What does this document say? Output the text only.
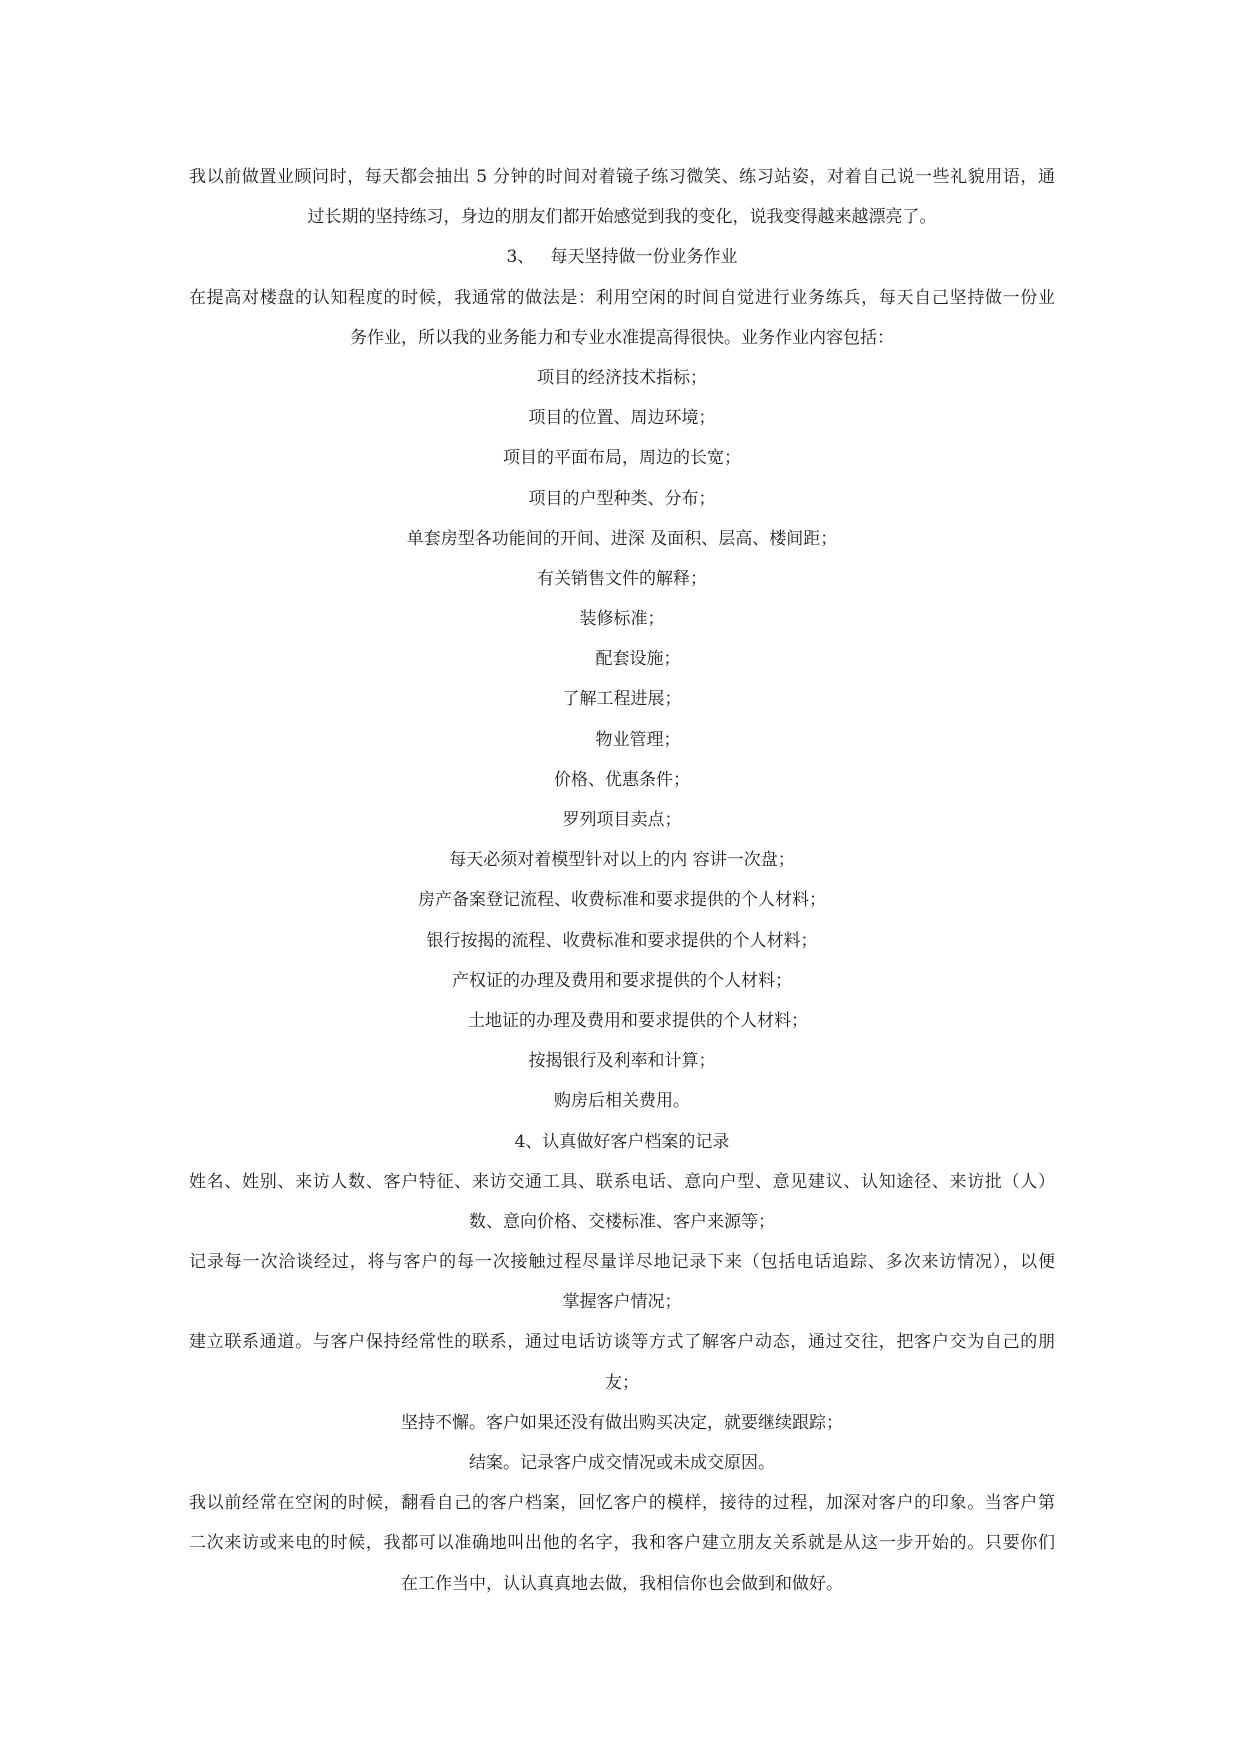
我以前做置业顾问时，每天都会抽出 5 分钟的时间对着镜子练习微笑、练习站姿，对着自己说一些礼貌用语，通
过长期的坚持练习，身边的朋友们都开始感觉到我的变化，说我变得越来越漂亮了。
3、   每天坚持做一份业务作业
在提高对楼盘的认知程度的时候，我通常的做法是：利用空闲的时间自觉进行业务练兵，每天自己坚持做一份业
务作业，所以我的业务能力和专业水准提高得很快。业务作业内容包括：
项目的经济技术指标；
项目的位置、周边环境；
项目的平面布局，周边的长宽；
项目的户型种类、分布；
单套房型各功能间的开间、进深 及面积、层高、楼间距；
有关销售文件的解释；
装修标准；
配套设施；
了解工程进展；
物业管理；
价格、优惠条件；
罗列项目卖点；
每天必须对着模型针对以上的内 容讲一次盘；
房产备案登记流程、收费标准和要求提供的个人材料；
银行按揭的流程、收费标准和要求提供的个人材料；
产权证的办理及费用和要求提供的个人材料；
土地证的办理及费用和要求提供的个人材料；
按揭银行及利率和计算；
购房后相关费用。
4、认真做好客户档案的记录
姓名、姓别、来访人数、客户特征、来访交通工具、联系电话、意向户型、意见建议、认知途径、来访批（人）
数、意向价格、交楼标准、客户来源等；
记录每一次洽谈经过，将与客户的每一次接触过程尽量详尽地记录下来（包括电话追踪、多次来访情况），以便
掌握客户情况；
建立联系通道。与客户保持经常性的联系，通过电话访谈等方式了解客户动态，通过交往，把客户交为自己的朋
友；
坚持不懈。客户如果还没有做出购买决定，就要继续跟踪；
结案。记录客户成交情况或未成交原因。
我以前经常在空闲的时候，翻看自己的客户档案，回忆客户的模样，接待的过程，加深对客户的印象。当客户第
二次来访或来电的时候，我都可以准确地叫出他的名字，我和客户建立朋友关系就是从这一步开始的。只要你们
在工作当中，认认真真地去做，我相信你也会做到和做好。
